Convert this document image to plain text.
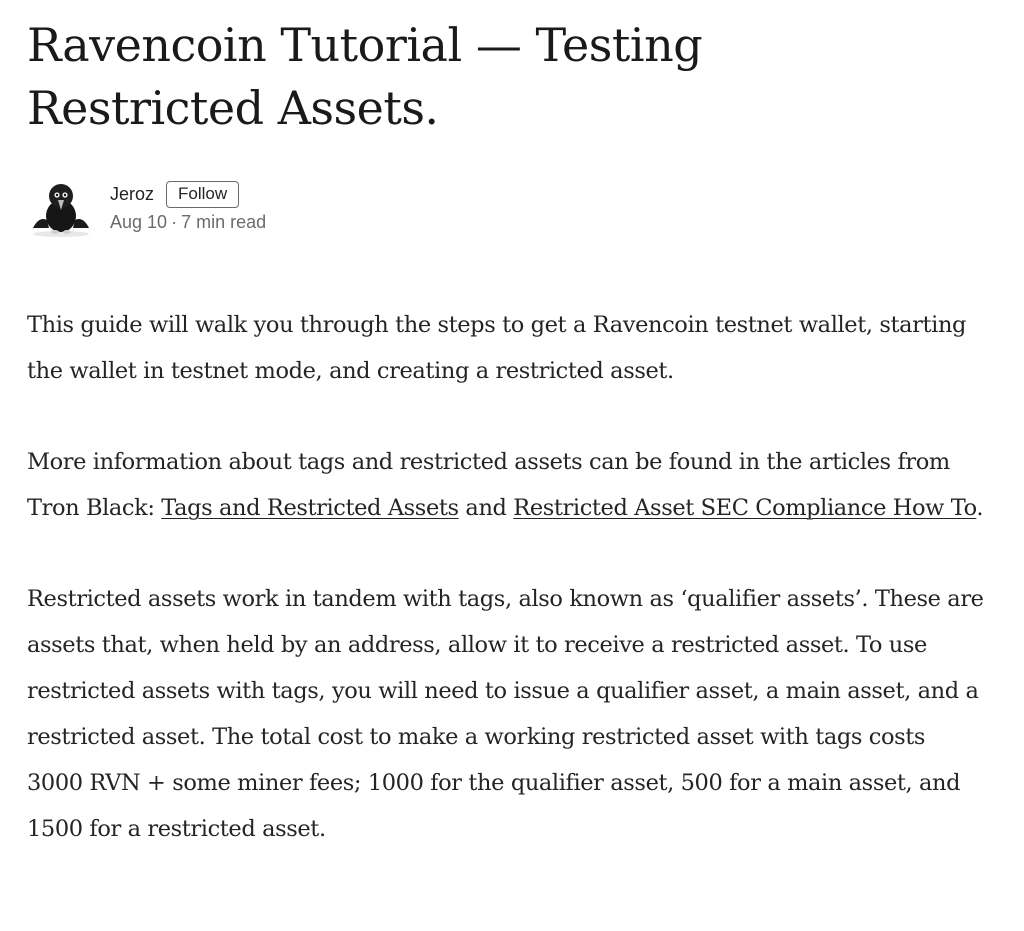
Ravencoin Tutorial — Testing
Restricted Assets.
Jeroz	Follow
Aug 10 · 7 min read

This guide will walk you through the steps to get a Ravencoin testnet wallet, starting the wallet in testnet mode, and creating a restricted asset.

More information about tags and restricted assets can be found in the articles from Tron Black: Tags and Restricted Assets and Restricted Asset SEC Compliance How To.

Restricted assets work in tandem with tags, also known as ‘qualifier assets’. These are assets that, when held by an address, allow it to receive a restricted asset. To use restricted assets with tags, you will need to issue a qualifier asset, a main asset, and a restricted asset. The total cost to make a working restricted asset with tags costs 3000 RVN + some miner fees; 1000 for the qualifier asset, 500 for a main asset, and 1500 for a restricted asset.
